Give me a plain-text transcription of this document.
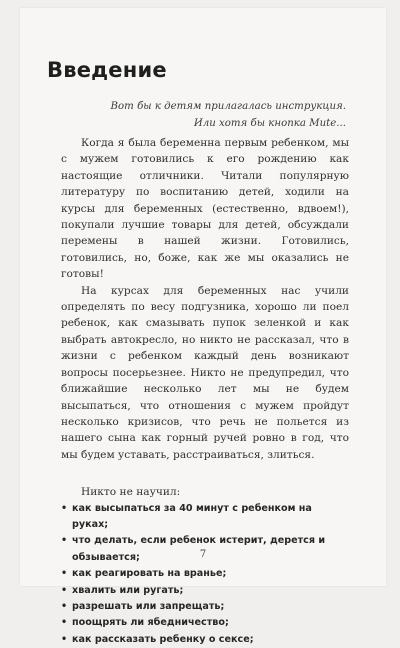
Введение
Вот бы к детям прилагалась инструкция.
Или хотя бы кнопка Mute...

Когда я была беременна первым ребенком, мы с мужем готовились к его рождению как настоящие отличники. Читали популярную литературу по воспитанию детей, ходили на курсы для беременных (естественно, вдвоем!), покупали лучшие товары для детей, обсуждали перемены в нашей жизни. Готовились, готовились, но, боже, как же мы оказались не готовы!

На курсах для беременных нас учили определять по весу подгузника, хорошо ли поел ребенок, как смазывать пупок зеленкой и как выбрать автокресло, но никто не рассказал, что в жизни с ребенком каждый день возникают вопросы посерьезнее. Никто не предупредил, что ближайшие несколько лет мы не будем высыпаться, что отношения с мужем пройдут несколько кризисов, что речь не польется из нашего сына как горный ручей ровно в год, что мы будем уставать, расстраиваться, злиться.

Никто не научил:

• как высыпаться за 40 минут с ребенком на руках;
• что делать, если ребенок истерит, дерется и обзывается;
• как реагировать на вранье;
• хвалить или ругать;
• разрешать или запрещать;
• поощрять ли ябедничество;
• как рассказать ребенку о сексе;
7
